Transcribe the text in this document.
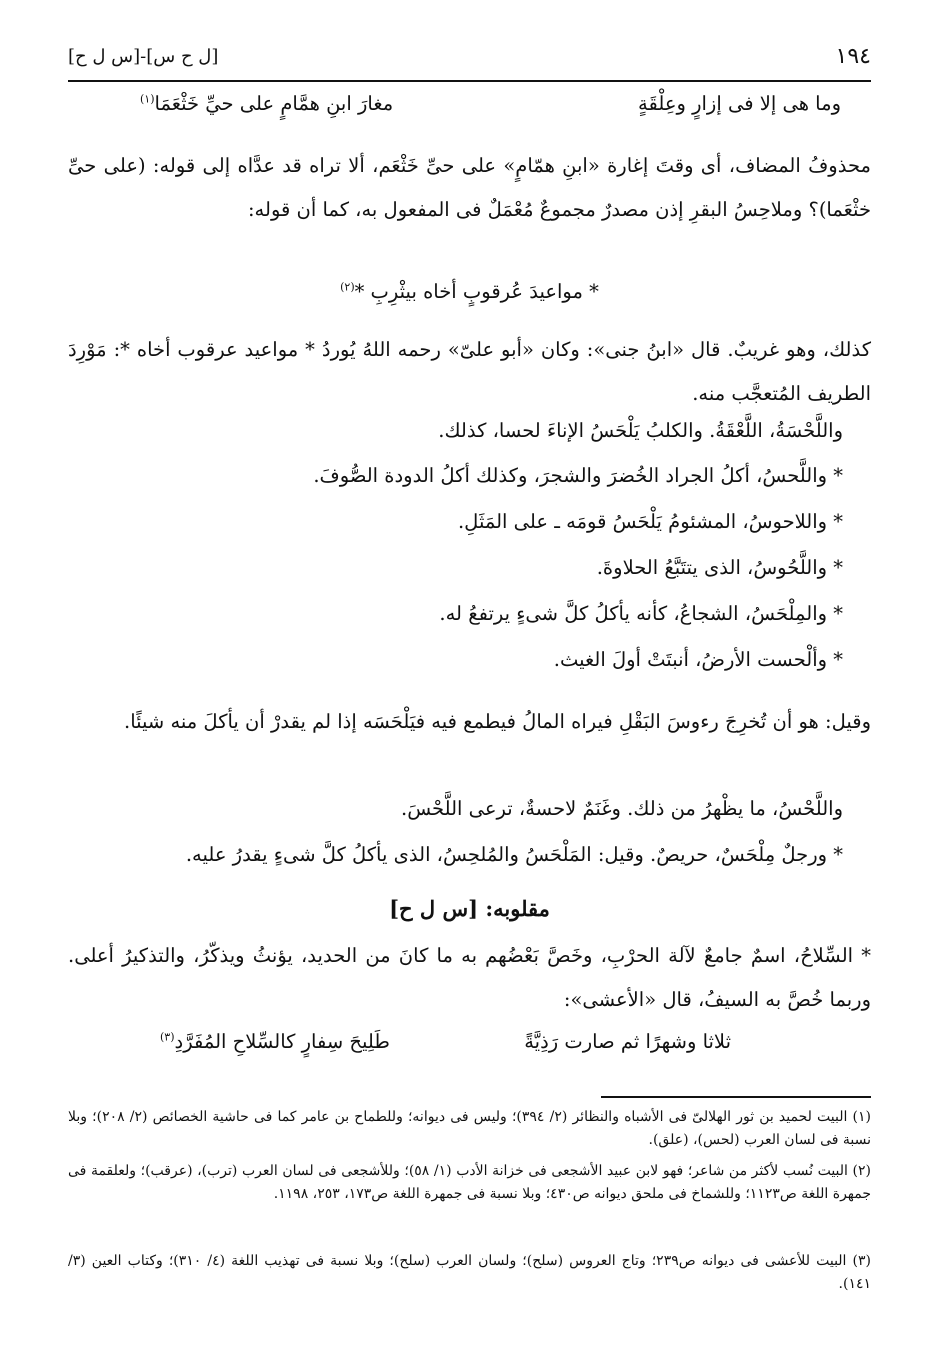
١٩٤
[ل ح س]-[س ل ح]
وما هى إلا فى إزارٍ وعِلْقَةٍ
مغارَ ابنِ همَّامٍ على حيِّ خَثْعَمَا$^{(١)}$
محذوفُ المضاف، أى وقتَ إغارة «ابنِ همّامٍ» على حىِّ خَثْعَم، ألا تراه قد عدَّاه إلى قوله: (على حىِّ خثْعَما)؟ وملاحِسُ البقرِ إذن مصدرٌ مجموعٌ مُعْمَلٌ فى المفعول به، كما أن قوله:
* مواعيدَ عُرقوبٍ أخاه بيثْرِبِ *$^{(٢)}$
كذلك، وهو غريبٌ. قال «ابنُ جنى»: وكان «أبو علىّ» رحمه اللهُ يُوردُ * مواعيد عرقوب أخاه *: مَوْرِدَ الطريف المُتعجَّب منه.
واللَّحْسَةُ، اللَّعْقَةُ. والكلبُ يَلْحَسُ الإناءَ لحسا، كذلك.
* واللَّحسُ، أكلُ الجراد الخُضرَ والشجرَ، وكذلك أكلُ الدودة الصُّوفَ.
* واللاحوسُ، المشئومُ يَلْحَسُ قومَه ـ على المَثَلِ.
* واللَّحُوسُ، الذى يتتَبَّعُ الحلاوةَ.
* والمِلْحَسُ، الشجاعُ، كأنه يأكلُ كلَّ شىءٍ يرتفعُ له.
* وألْحست الأرضُ، أنبتَتْ أولَ الغيث.
وقيل: هو أن تُخرِجَ رءوسَ البَقْلِ فيراه المالُ فيطمع فيه فيَلْحَسَه إذا لم يقدرْ أن يأكلَ منه شيئًا.
واللَّحْسُ، ما يظْهرُ من ذلك. وغَنَمٌ لاحسةٌ، ترعى اللَّحْسَ.
* ورجلٌ مِلْحَسٌ، حريصٌ. وقيل: المَلْحَسُ والمُلحِسُ، الذى يأكلُ كلَّ شىءٍ يقدرُ عليه.
مقلوبه: [س ل ح]
* السِّلاحُ، اسمٌ جامعٌ لآلة الحرْبِ، وخَصَّ بَعْضُهم به ما كانَ من الحديد، يؤنثُ ويذكّرُ، والتذكيرُ أعلى. وربما خُصَّ به السيفُ، قال «الأعشى»:
ثلاثا وشهرًا ثم صارت رَذِيَّةً
طَلِيحَ سِفارٍ كالسِّلاحِ المُفَرَّدِ$^{(٣)}$
(١) البيت لحميد بن ثور الهلالىّ فى الأشباه والنظائر (٢/ ٣٩٤)؛ وليس فى ديوانه؛ وللطماح بن عامر كما فى حاشية الخصائص (٢/ ٢٠٨)؛ وبلا نسبة فى لسان العرب (لحس)، (علق).
(٢) البيت نُسب لأكثر من شاعر؛ فهو لابن عبيد الأشجعى فى خزانة الأدب (١/ ٥٨)؛ وللأشجعى فى لسان العرب (ترب)، (عرقب)؛ ولعلقمة فى جمهرة اللغة ص١١٢٣؛ وللشماخ فى ملحق ديوانه ص٤٣٠؛ وبلا نسبة فى جمهرة اللغة ص١٧٣، ٢٥٣، ١١٩٨.
(٣) البيت للأعشى فى ديوانه ص٢٣٩؛ وتاج العروس (سلح)؛ ولسان العرب (سلح)؛ وبلا نسبة فى تهذيب اللغة (٤/ ٣١٠)؛ وكتاب العين (٣/ ١٤١).
